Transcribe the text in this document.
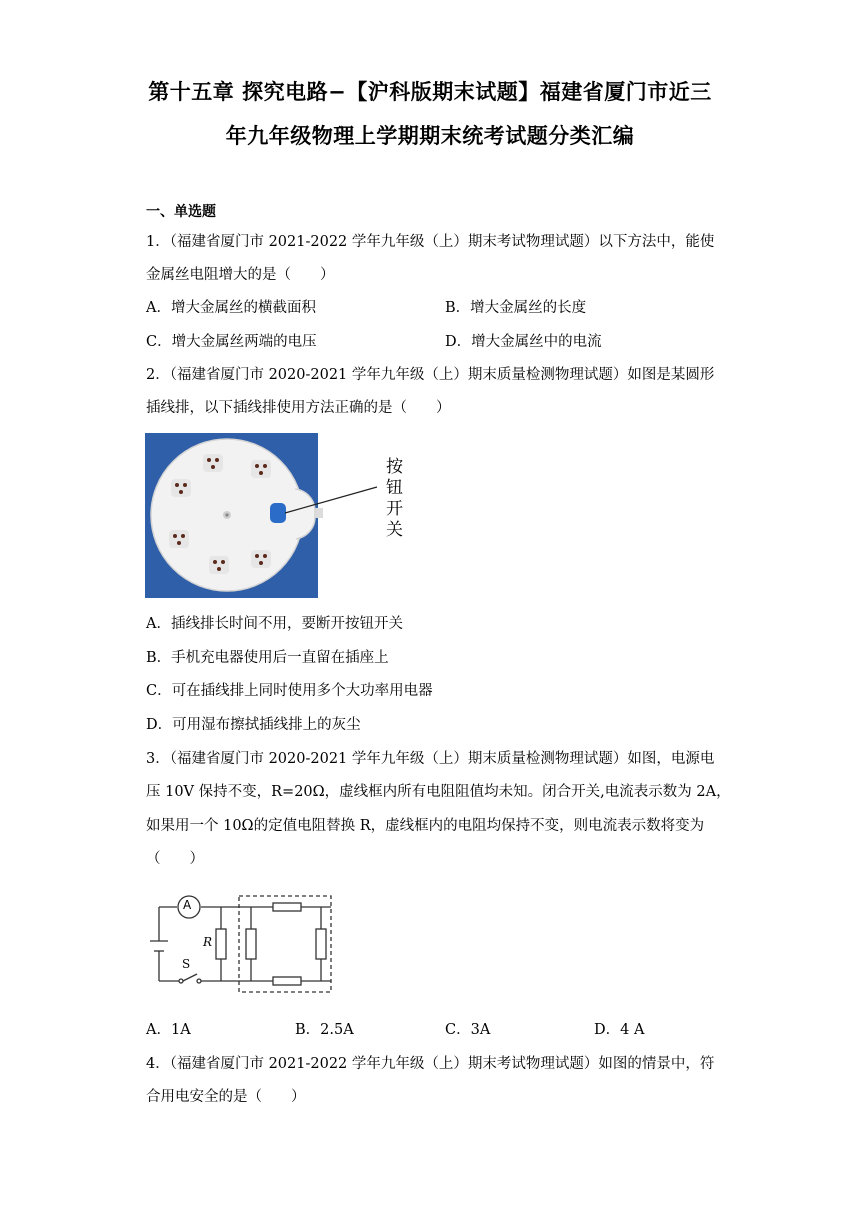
第十五章 探究电路−【沪科版期末试题】福建省厦门市近三
年九年级物理上学期期末统考试题分类汇编
一、单选题
1．（福建省厦门市 2021-2022 学年九年级（上）期末考试物理试题）以下方法中，能使
金属丝电阻增大的是（　　）
A．增大金属丝的横截面积	B．增大金属丝的长度
C．增大金属丝两端的电压	D．增大金属丝中的电流
2．（福建省厦门市 2020-2021 学年九年级（上）期末质量检测物理试题）如图是某圆形
插线排，以下插线排使用方法正确的是（　　）
按
钮
开
关
A．插线排长时间不用，要断开按钮开关
B．手机充电器使用后一直留在插座上
C．可在插线排上同时使用多个大功率用电器
D．可用湿布擦拭插线排上的灰尘
3．（福建省厦门市 2020-2021 学年九年级（上）期末质量检测物理试题）如图，电源电
压 10V 保持不变，R=20Ω，虚线框内所有电阻阻值均未知。闭合开关,电流表示数为 2A，
如果用一个 10Ω的定值电阻替换 R，虚线框内的电阻均保持不变，则电流表示数将变为
（　　）
A
R
S
A．1A	B．2.5A	C．3A	D．4 A
4．（福建省厦门市 2021-2022 学年九年级（上）期末考试物理试题）如图的情景中，符
合用电安全的是（　　）
